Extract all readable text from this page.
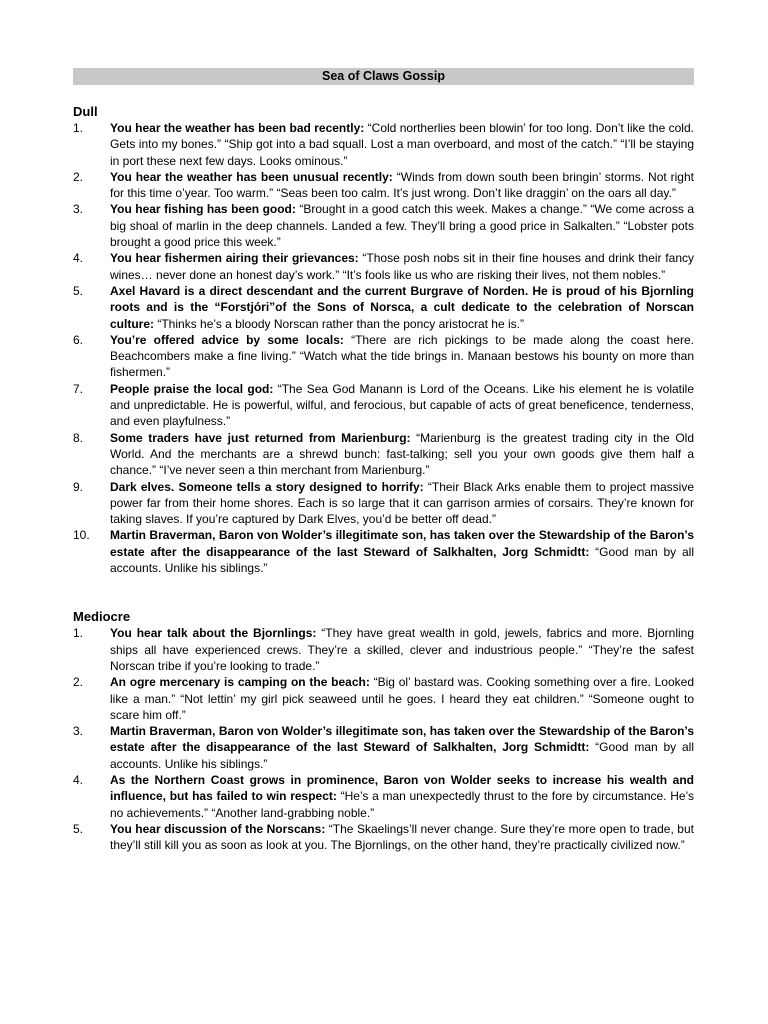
Sea of Claws Gossip
Dull
1.	You hear the weather has been bad recently: “Cold northerlies been blowin’ for too long. Don’t like the cold. Gets into my bones.” “Ship got into a bad squall. Lost a man overboard, and most of the catch.” “I’ll be staying in port these next few days. Looks ominous.”
2.	You hear the weather has been unusual recently: “Winds from down south been bringin’ storms. Not right for this time o’year. Too warm.” “Seas been too calm. It’s just wrong. Don’t like draggin’ on the oars all day.”
3.	You hear fishing has been good: “Brought in a good catch this week. Makes a change.” “We come across a big shoal of marlin in the deep channels. Landed a few. They’ll bring a good price in Salkalten.” “Lobster pots brought a good price this week.”
4.	You hear fishermen airing their grievances: “Those posh nobs sit in their fine houses and drink their fancy wines… never done an honest day’s work.” “It’s fools like us who are risking their lives, not them nobles.”
5.	Axel Havard is a direct descendant and the current Burgrave of Norden. He is proud of his Bjornling roots and is the “Forstjóri”of the Sons of Norsca, a cult dedicate to the celebration of Norscan culture: “Thinks he’s a bloody Norscan rather than the poncy aristocrat he is.”
6.	You’re offered advice by some locals: “There are rich pickings to be made along the coast here. Beachcombers make a fine living.” “Watch what the tide brings in. Manaan bestows his bounty on more than fishermen.”
7.	People praise the local god: “The Sea God Manann is Lord of the Oceans. Like his element he is volatile and unpredictable. He is powerful, wilful, and ferocious, but capable of acts of great beneficence, tenderness, and even playfulness.”
8.	Some traders have just returned from Marienburg: “Marienburg is the greatest trading city in the Old World. And the merchants are a shrewd bunch: fast-talking; sell you your own goods give them half a chance.” “I’ve never seen a thin merchant from Marienburg.”
9.	Dark elves. Someone tells a story designed to horrify: “Their Black Arks enable them to project massive power far from their home shores. Each is so large that it can garrison armies of corsairs. They’re known for taking slaves. If you’re captured by Dark Elves, you’d be better off dead.”
10.	Martin Braverman, Baron von Wolder’s illegitimate son, has taken over the Stewardship of the Baron’s estate after the disappearance of the last Steward of Salkhalten, Jorg Schmidtt: “Good man by all accounts. Unlike his siblings.”
Mediocre
1.	You hear talk about the Bjornlings: “They have great wealth in gold, jewels, fabrics and more. Bjornling ships all have experienced crews. They’re a skilled, clever and industrious people.” “They’re the safest Norscan tribe if you’re looking to trade.”
2.	An ogre mercenary is camping on the beach: “Big ol’ bastard was. Cooking something over a fire. Looked like a man.” “Not lettin’ my girl pick seaweed until he goes. I heard they eat children.” “Someone ought to scare him off.”
3.	Martin Braverman, Baron von Wolder’s illegitimate son, has taken over the Stewardship of the Baron’s estate after the disappearance of the last Steward of Salkhalten, Jorg Schmidtt: “Good man by all accounts. Unlike his siblings.”
4.	As the Northern Coast grows in prominence, Baron von Wolder seeks to increase his wealth and influence, but has failed to win respect: “He’s a man unexpectedly thrust to the fore by circumstance. He’s no achievements.” “Another land-grabbing noble.”
5.	You hear discussion of the Norscans: “The Skaelings’ll never change. Sure they’re more open to trade, but they’ll still kill you as soon as look at you. The Bjornlings, on the other hand, they’re practically civilized now.”
